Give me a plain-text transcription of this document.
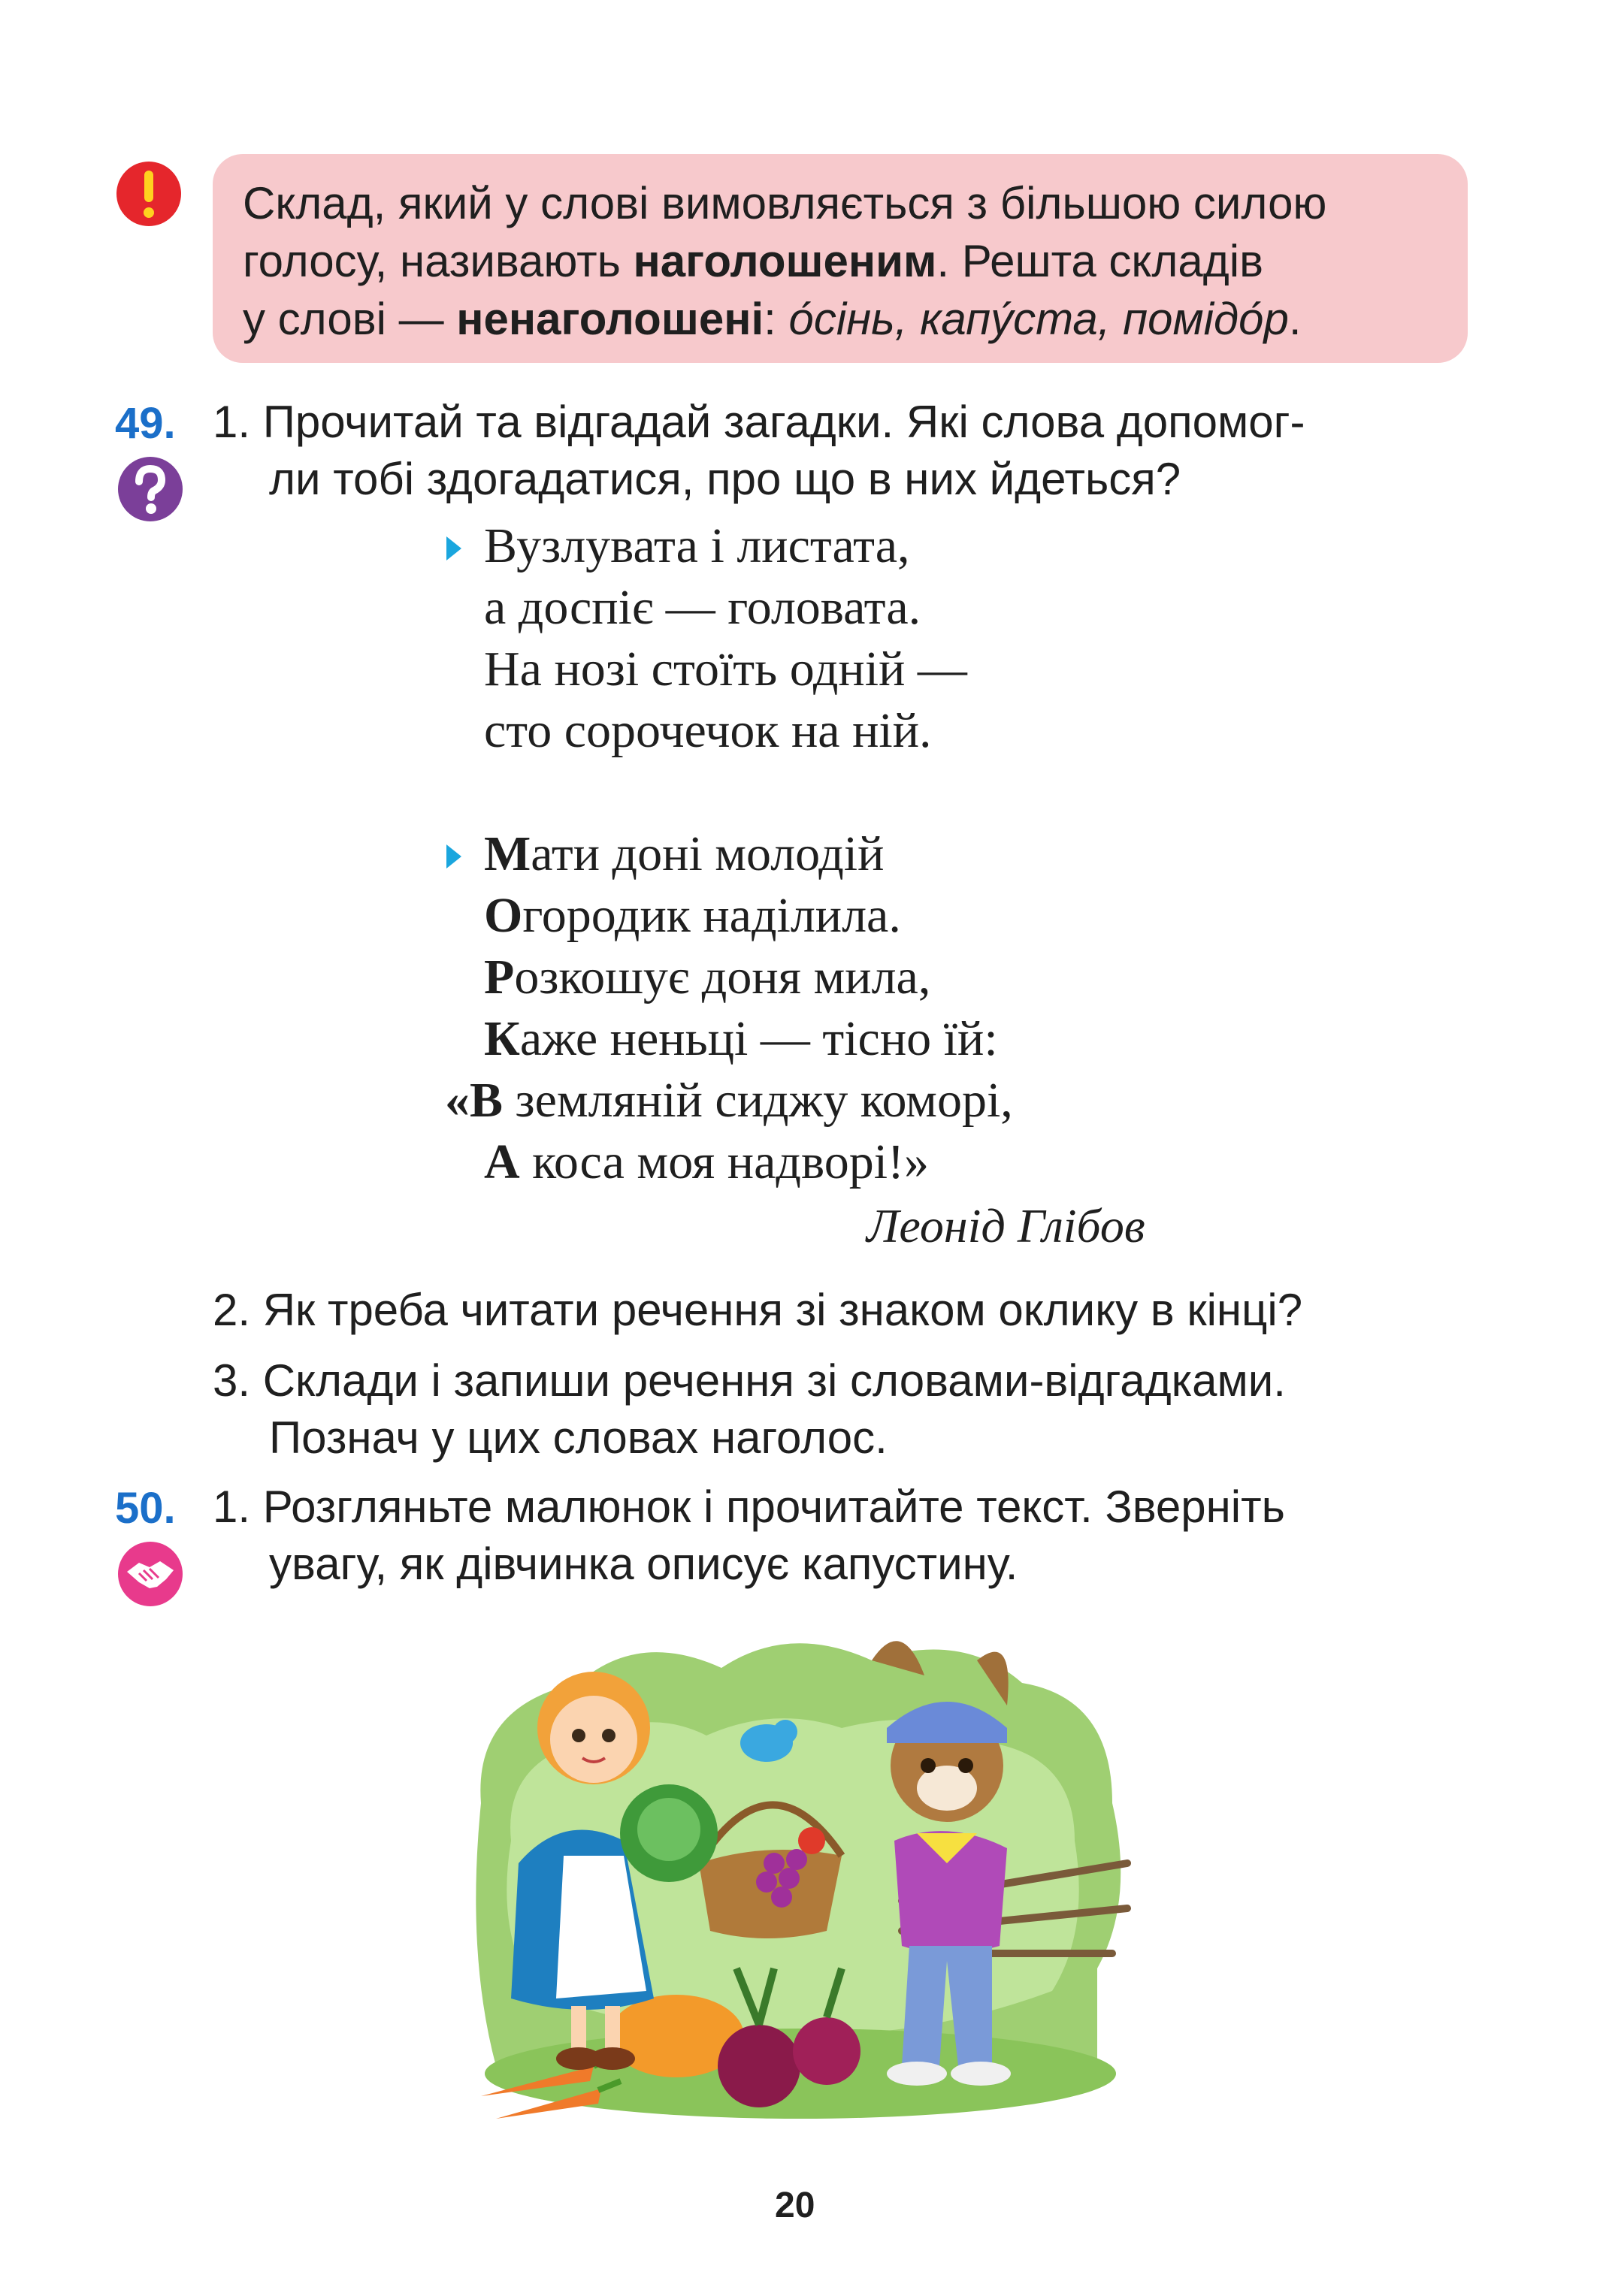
Склад, який у слові вимовляється з більшою силою
голосу, називають наголошеним. Решта складів
у слові — ненаголошені: о́сінь, капу́ста, помідо́р.
49. 1. Прочитай та відгадай загадки. Які слова допомог-
ли тобі здогадатися, про що в них йдеться?
Вузлувата і листата,
а доспіє — головата.
На нозі стоїть одній —
сто сорочечок на ній.
Мати доні молодій
Огородик наділила.
Розкошує доня мила,
Каже неньці — тісно їй:
«В земляній сиджу коморі,
А коса моя надворі!»
Леонід Глібов
2. Як треба читати речення зі знаком оклику в кінці?
3. Склади і запиши речення зі словами-відгадками.
Познач у цих словах наголос.
50. 1. Розгляньте малюнок і прочитайте текст. Зверніть
увагу, як дівчинка описує капустину.
20
